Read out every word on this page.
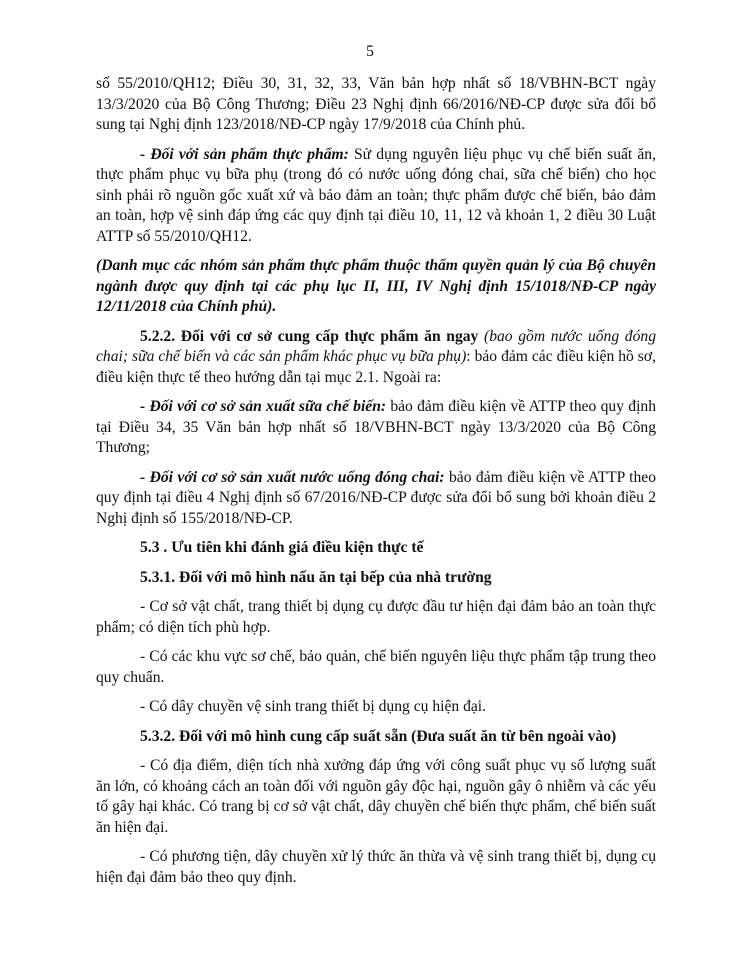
5

số 55/2010/QH12; Điều 30, 31, 32, 33, Văn bản hợp nhất số 18/VBHN-BCT ngày 13/3/2020 của Bộ Công Thương; Điều 23 Nghị định 66/2016/NĐ-CP được sửa đổi bổ sung tại Nghị định 123/2018/NĐ-CP ngày 17/9/2018 của Chính phủ.

- Đối với sản phẩm thực phẩm: Sử dụng nguyên liệu phục vụ chế biến suất ăn, thực phẩm phục vụ bữa phụ (trong đó có nước uống đóng chai, sữa chế biến) cho học sinh phải rõ nguồn gốc xuất xứ và bảo đảm an toàn; thực phẩm được chế biến, bảo đảm an toàn, hợp vệ sinh đáp ứng các quy định tại điều 10, 11, 12 và khoản 1, 2 điều 30 Luật ATTP số 55/2010/QH12.

(Danh mục các nhóm sản phẩm thực phẩm thuộc thẩm quyền quản lý của Bộ chuyên ngành được quy định tại các phụ lục II, III, IV Nghị định 15/1018/NĐ-CP ngày 12/11/2018 của Chính phủ).

5.2.2. Đối với cơ sở cung cấp thực phẩm ăn ngay (bao gồm nước uống đóng chai; sữa chế biến và các sản phẩm khác phục vụ bữa phụ): bảo đảm các điều kiện hồ sơ, điều kiện thực tế theo hướng dẫn tại mục 2.1. Ngoài ra:

- Đối với cơ sở sản xuất sữa chế biến: bảo đảm điều kiện về ATTP theo quy định tại Điều 34, 35 Văn bản hợp nhất số 18/VBHN-BCT ngày 13/3/2020 của Bộ Công Thương;

- Đối với cơ sở sản xuất nước uống đóng chai: bảo đảm điều kiện về ATTP theo quy định tại điều 4 Nghị định số 67/2016/NĐ-CP được sửa đổi bổ sung bởi khoản điều 2 Nghị định số 155/2018/NĐ-CP.

5.3 . Ưu tiên khi đánh giá điều kiện thực tế

5.3.1. Đối với mô hình nấu ăn tại bếp của nhà trường

- Cơ sở vật chất, trang thiết bị dụng cụ được đầu tư hiện đại đảm bảo an toàn thực phẩm; có diện tích phù hợp.

- Có các khu vực sơ chế, bảo quản, chế biến nguyên liệu thực phẩm tập trung theo quy chuẩn.

- Có dây chuyền vệ sinh trang thiết bị dụng cụ hiện đại.

5.3.2. Đối với mô hình cung cấp suất sẵn (Đưa suất ăn từ bên ngoài vào)

- Có địa điểm, diện tích nhà xưởng đáp ứng với công suất phục vụ số lượng suất ăn lớn, có khoảng cách an toàn đối với nguồn gây độc hại, nguồn gây ô nhiễm và các yếu tố gây hại khác. Có trang bị cơ sở vật chất, dây chuyền chế biến thực phẩm, chế biến suất ăn hiện đại.

- Có phương tiện, dây chuyền xử lý thức ăn thừa và vệ sinh trang thiết bị, dụng cụ hiện đại đảm bảo theo quy định.
